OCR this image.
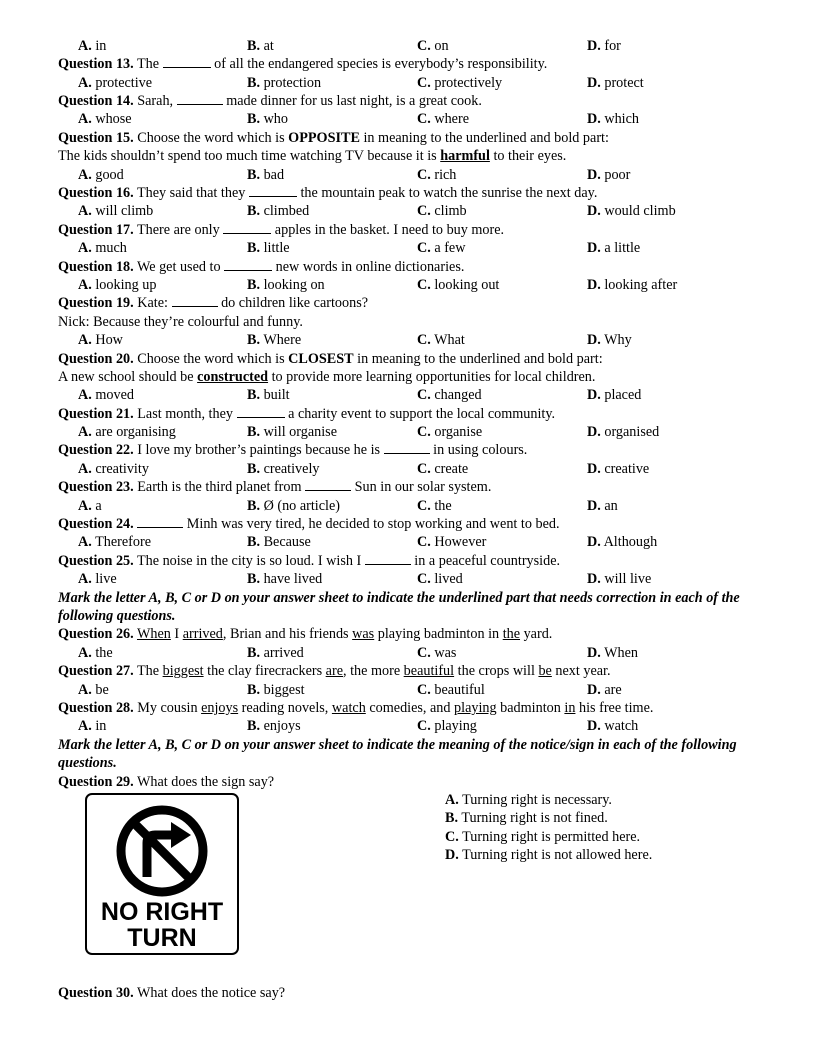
A. in	B. at	C. on	D. for
Question 13. The	of all the endangered species is everybody’s responsibility.
A. protective	B. protection	C. protectively	D. protect
Question 14. Sarah,	made dinner for us last night, is a great cook.
A. whose	B. who	C. where	D. which
Question 15. Choose the word which is OPPOSITE in meaning to the underlined and bold part:
The kids shouldn’t spend too much time watching TV because it is harmful to their eyes.
A. good	B. bad	C. rich	D. poor
Question 16. They said that they	the mountain peak to watch the sunrise the next day.
A. will climb	B. climbed	C. climb	D. would climb
Question 17. There are only	apples in the basket. I need to buy more.
A. much	B. little	C. a few	D. a little
Question 18. We get used to	new words in online dictionaries.
A. looking up	B. looking on	C. looking out	D. looking after
Question 19. Kate:	do children like cartoons?
Nick: Because they’re colourful and funny.
A. How	B. Where	C. What	D. Why
Question 20. Choose the word which is CLOSEST in meaning to the underlined and bold part:
A new school should be constructed to provide more learning opportunities for local children.
A. moved	B. built	C. changed	D. placed
Question 21. Last month, they	a charity event to support the local community.
A. are organising	B. will organise	C. organise	D. organised
Question 22. I love my brother’s paintings because he is	in using colours.
A. creativity	B. creatively	C. create	D. creative
Question 23. Earth is the third planet from	Sun in our solar system.
A. a	B. Ø (no article)	C. the	D. an
Question 24.	Minh was very tired, he decided to stop working and went to bed.
A. Therefore	B. Because	C. However	D. Although
Question 25. The noise in the city is so loud. I wish I	in a peaceful countryside.
A. live	B. have lived	C. lived	D. will live
Mark the letter A, B, C or D on your answer sheet to indicate the underlined part that needs correction in each of the following questions.
Question 26. When I arrived, Brian and his friends was playing badminton in the yard.
A. the	B. arrived	C. was	D. When
Question 27. The biggest the clay firecrackers are, the more beautiful the crops will be next year.
A. be	B. biggest	C. beautiful	D. are
Question 28. My cousin enjoys reading novels, watch comedies, and playing badminton in his free time.
A. in	B. enjoys	C. playing	D. watch
Mark the letter A, B, C or D on your answer sheet to indicate the meaning of the notice/sign in each of the following questions.
Question 29. What does the sign say?
NO RIGHT
TURN
A. Turning right is necessary.
B. Turning right is not fined.
C. Turning right is permitted here.
D. Turning right is not allowed here.
Question 30. What does the notice say?
